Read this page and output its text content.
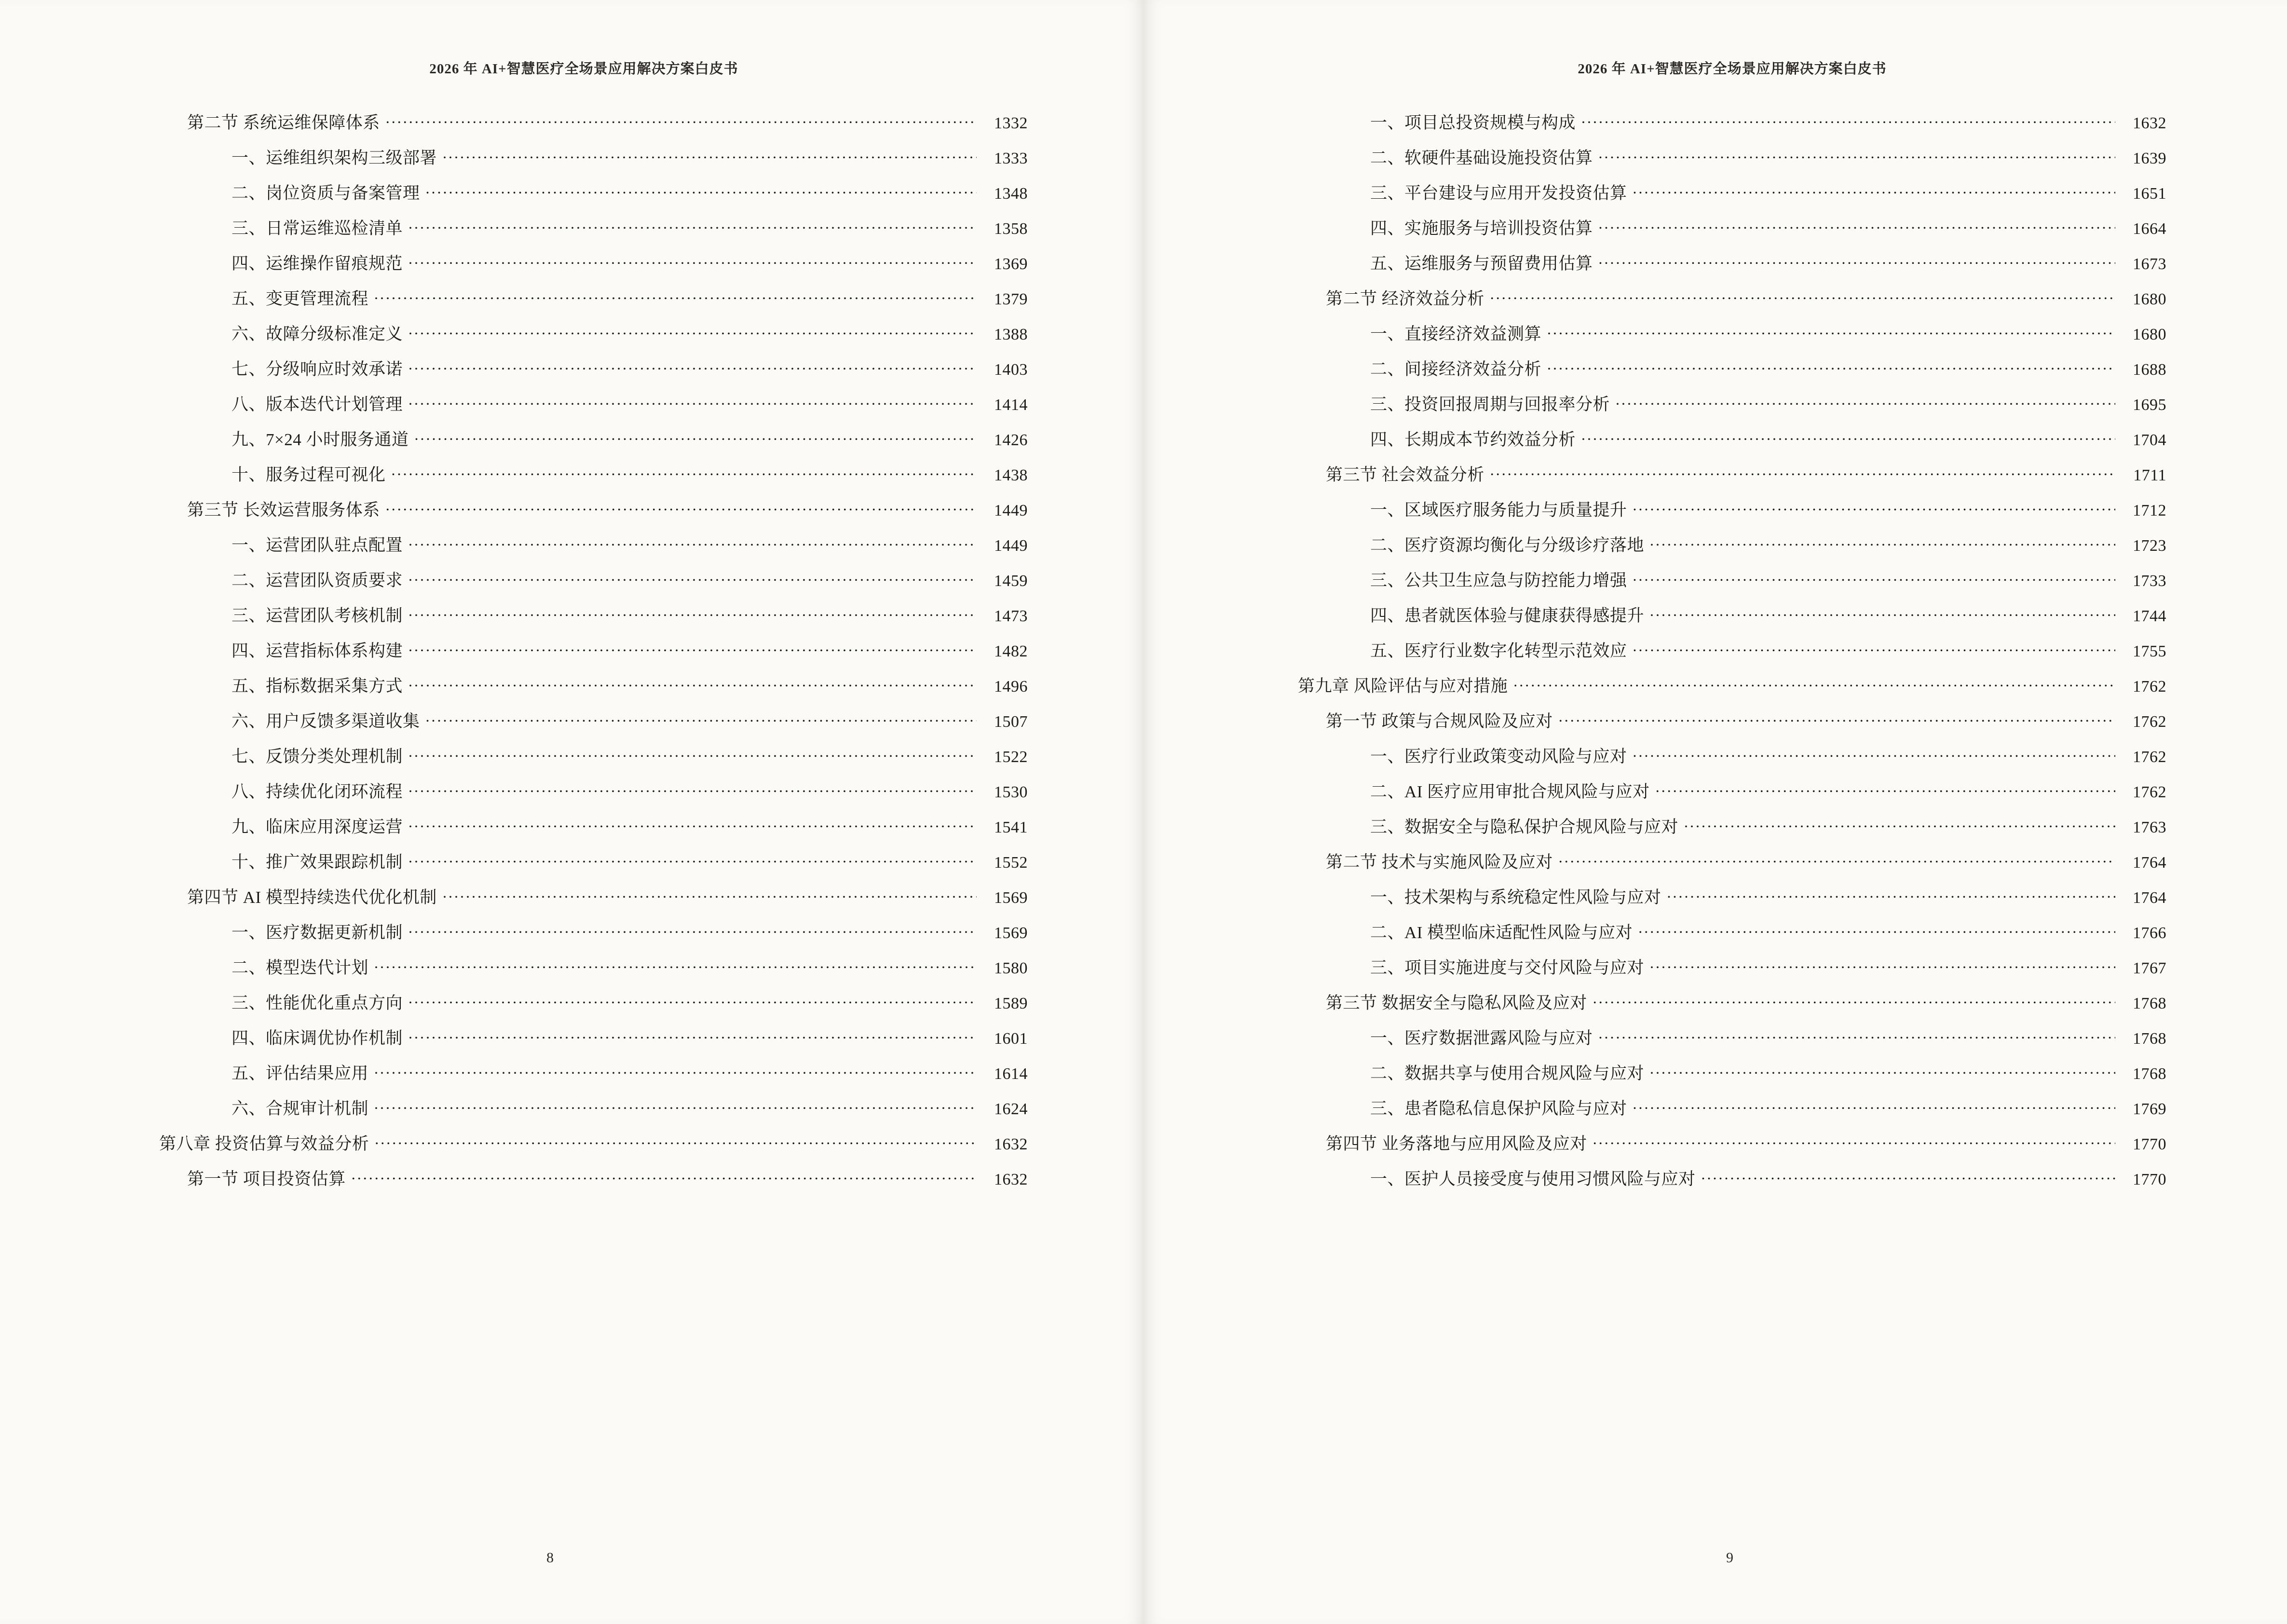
2026 年 AI+智慧医疗全场景应用解决方案白皮书
第二节 系统运维保障体系 .....	1332
一、运维组织架构三级部署 .....	1333
二、岗位资质与备案管理 .....	1348
三、日常运维巡检清单 .....	1358
四、运维操作留痕规范 .....	1369
五、变更管理流程 .....	1379
六、故障分级标准定义 .....	1388
七、分级响应时效承诺 .....	1403
八、版本迭代计划管理 .....	1414
九、7×24 小时服务通道 .....	1426
十、服务过程可视化 .....	1438
第三节 长效运营服务体系 .....	1449
一、运营团队驻点配置 .....	1449
二、运营团队资质要求 .....	1459
三、运营团队考核机制 .....	1473
四、运营指标体系构建 .....	1482
五、指标数据采集方式 .....	1496
六、用户反馈多渠道收集 .....	1507
七、反馈分类处理机制 .....	1522
八、持续优化闭环流程 .....	1530
九、临床应用深度运营 .....	1541
十、推广效果跟踪机制 .....	1552
第四节 AI 模型持续迭代优化机制 .....	1569
一、医疗数据更新机制 .....	1569
二、模型迭代计划 .....	1580
三、性能优化重点方向 .....	1589
四、临床调优协作机制 .....	1601
五、评估结果应用 .....	1614
六、合规审计机制 .....	1624
第八章 投资估算与效益分析 .....	1632
第一节 项目投资估算 .....	1632
8
2026 年 AI+智慧医疗全场景应用解决方案白皮书
一、项目总投资规模与构成 .....	1632
二、软硬件基础设施投资估算 .....	1639
三、平台建设与应用开发投资估算 .....	1651
四、实施服务与培训投资估算 .....	1664
五、运维服务与预留费用估算 .....	1673
第二节 经济效益分析 .....	1680
一、直接经济效益测算 .....	1680
二、间接经济效益分析 .....	1688
三、投资回报周期与回报率分析 .....	1695
四、长期成本节约效益分析 .....	1704
第三节 社会效益分析 .....	1711
一、区域医疗服务能力与质量提升 .....	1712
二、医疗资源均衡化与分级诊疗落地 .....	1723
三、公共卫生应急与防控能力增强 .....	1733
四、患者就医体验与健康获得感提升 .....	1744
五、医疗行业数字化转型示范效应 .....	1755
第九章 风险评估与应对措施 .....	1762
第一节 政策与合规风险及应对 .....	1762
一、医疗行业政策变动风险与应对 .....	1762
二、AI 医疗应用审批合规风险与应对 .....	1762
三、数据安全与隐私保护合规风险与应对 .....	1763
第二节 技术与实施风险及应对 .....	1764
一、技术架构与系统稳定性风险与应对 .....	1764
二、AI 模型临床适配性风险与应对 .....	1766
三、项目实施进度与交付风险与应对 .....	1767
第三节 数据安全与隐私风险及应对 .....	1768
一、医疗数据泄露风险与应对 .....	1768
二、数据共享与使用合规风险与应对 .....	1768
三、患者隐私信息保护风险与应对 .....	1769
第四节 业务落地与应用风险及应对 .....	1770
一、医护人员接受度与使用习惯风险与应对 .....	1770
9
